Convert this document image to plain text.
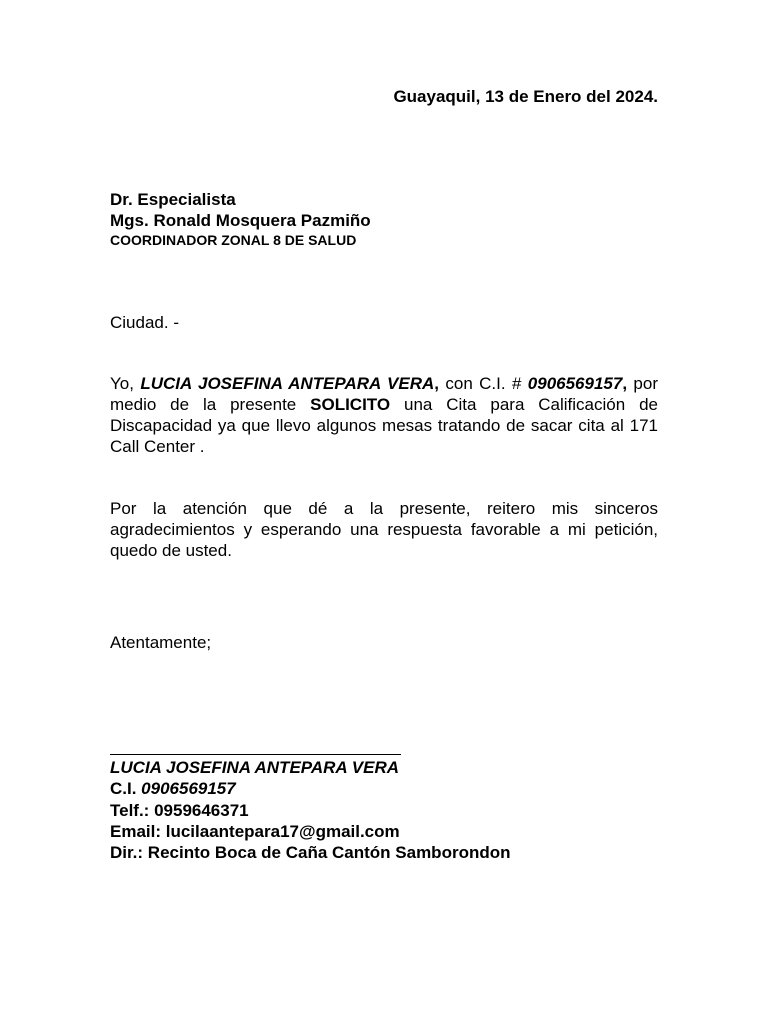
Guayaquil, 13 de Enero del 2024.
Dr. Especialista
Mgs. Ronald Mosquera Pazmiño
COORDINADOR ZONAL 8 DE SALUD
Ciudad. -

Yo, LUCIA JOSEFINA ANTEPARA VERA, con C.I. # 0906569157, por medio de la presente SOLICITO una Cita para Calificación de Discapacidad ya que llevo algunos mesas tratando de sacar cita al 171 Call Center .

Por la atención que dé a la presente, reitero mis sinceros agradecimientos y esperando una respuesta favorable a mi petición, quedo de usted.

Atentamente;
LUCIA JOSEFINA ANTEPARA VERA
C.I. 0906569157
Telf.: 0959646371
Email: lucilaantepara17@gmail.com
Dir.: Recinto Boca de Caña Cantón Samborondon
